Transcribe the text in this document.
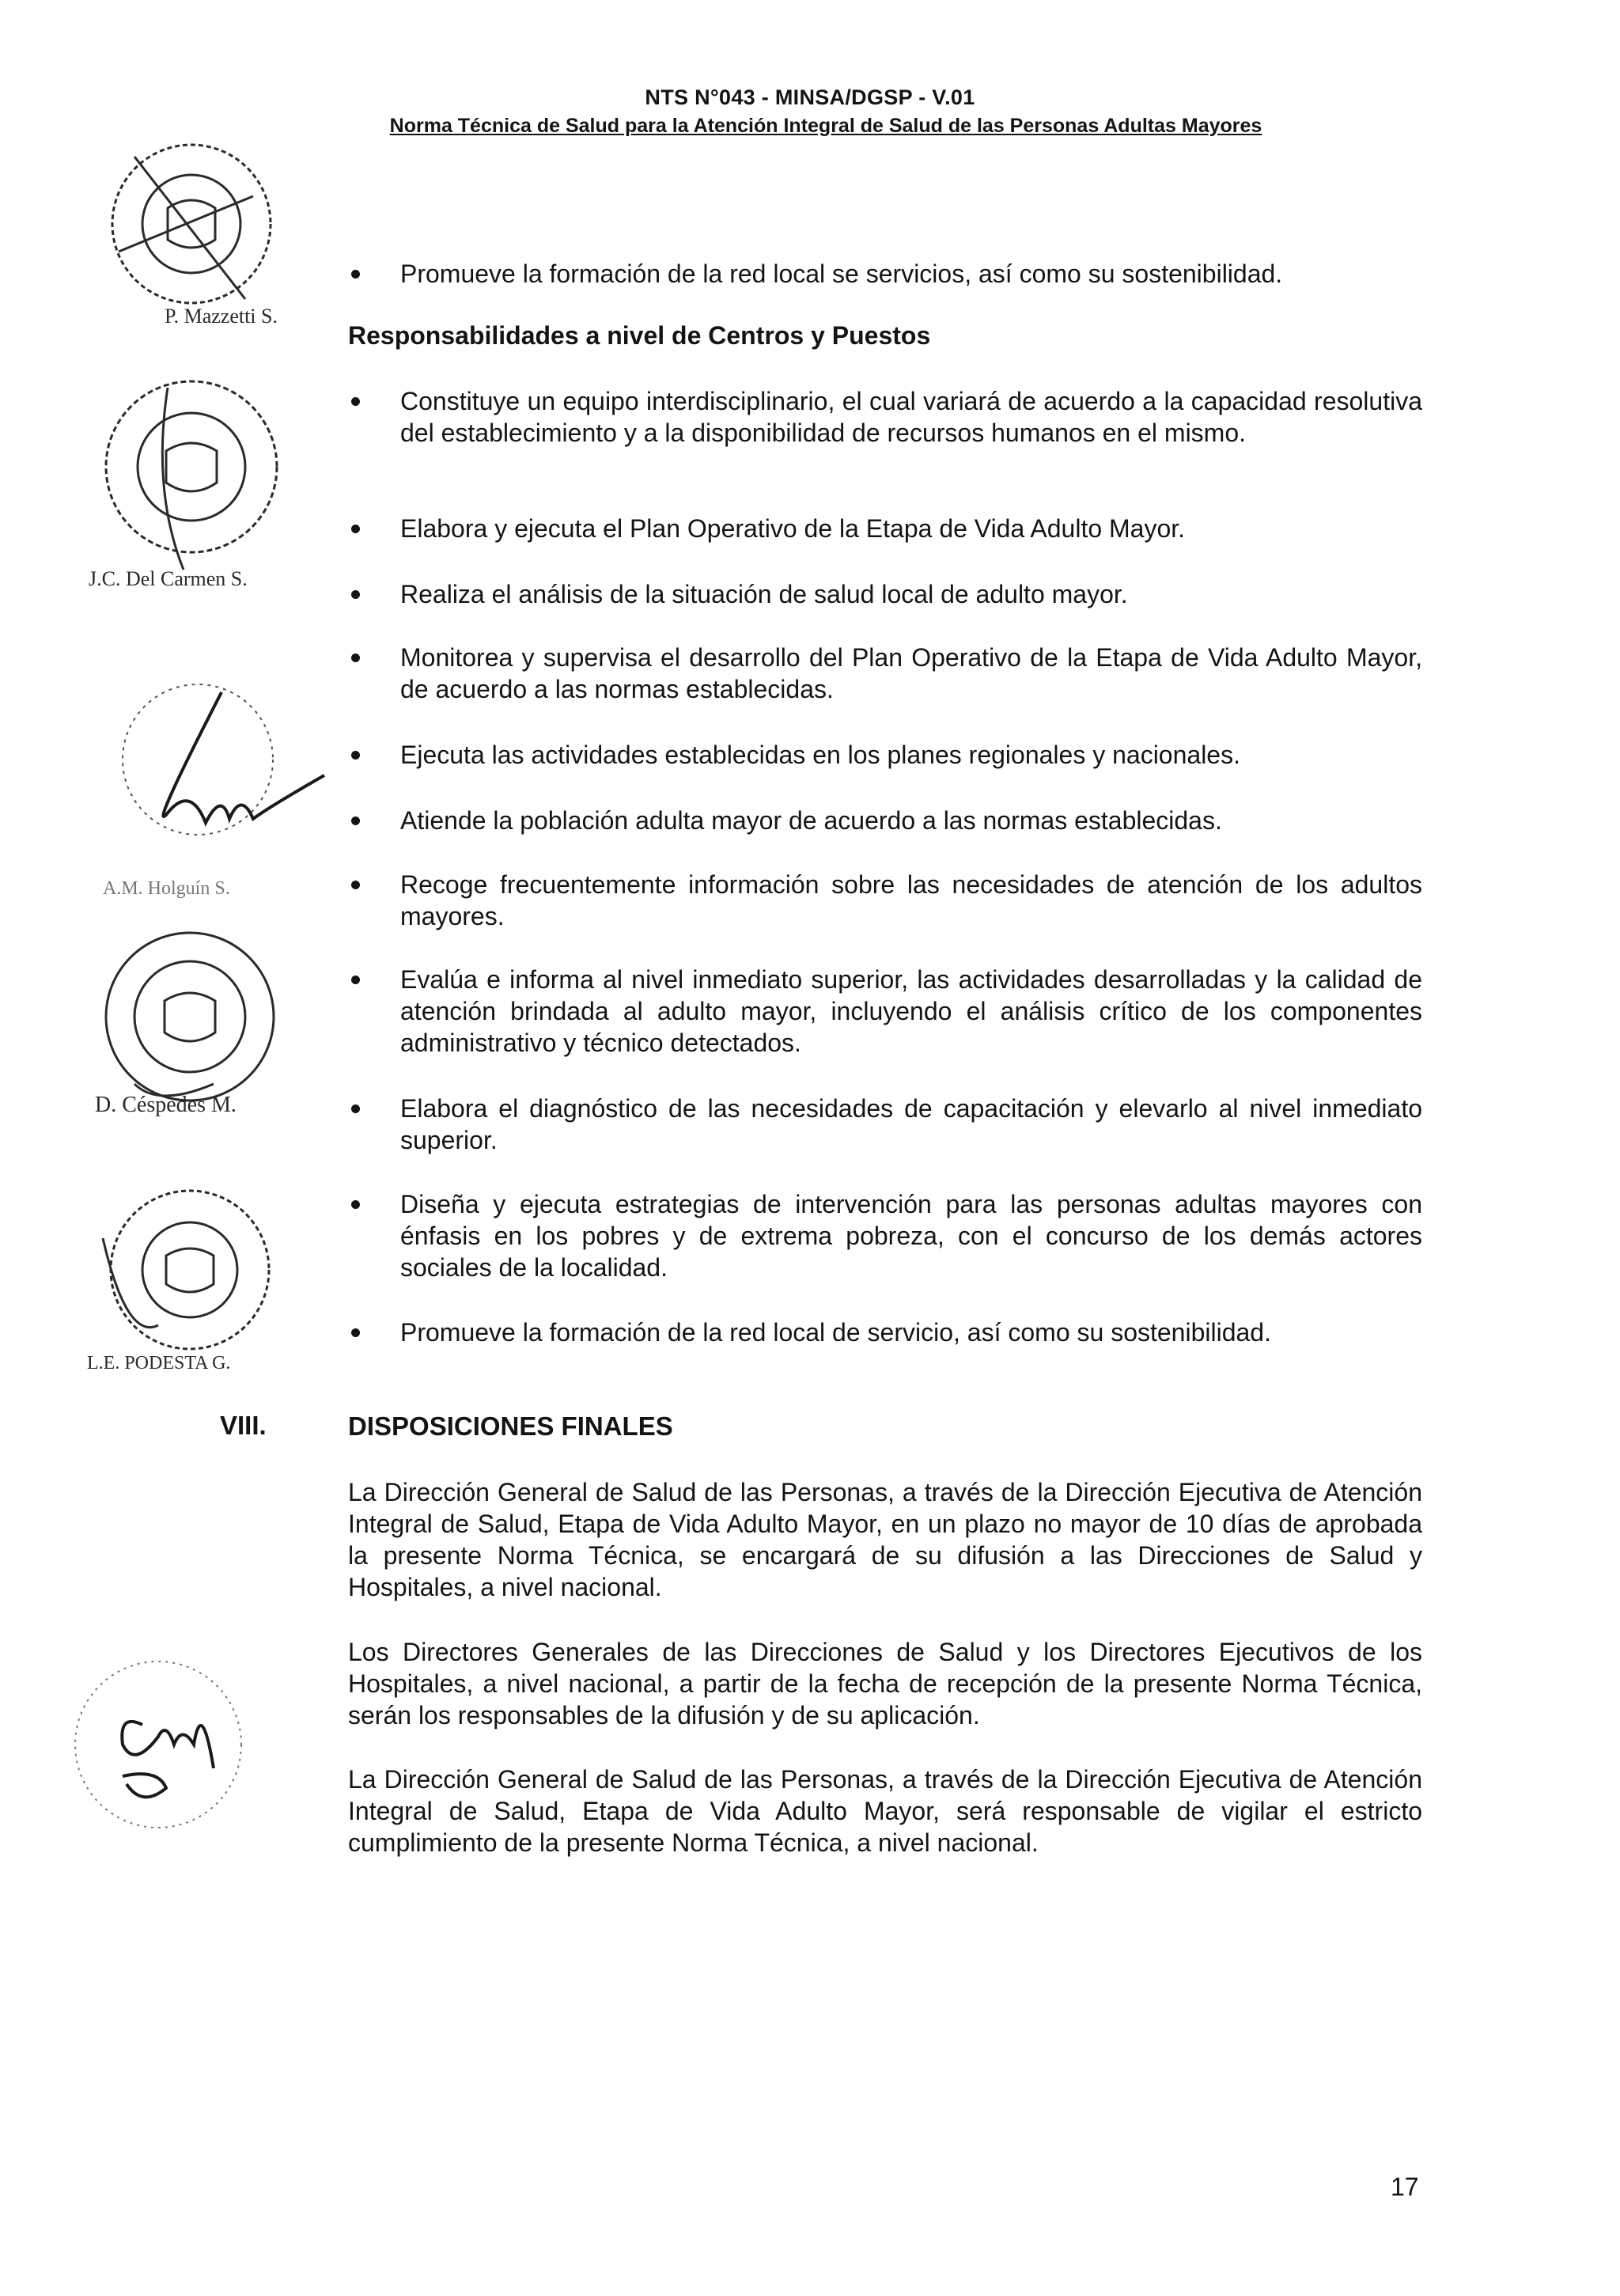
NTS N°043 - MINSA/DGSP - V.01
Norma Técnica de Salud para la Atención Integral de Salud de las Personas Adultas Mayores
P. Mazzetti S.
J.C. Del Carmen S.
A.M. Holguín S.
D. Céspedes M.
L.E. PODESTA G.
Promueve la formación de la red local se servicios, así como su sostenibilidad.

Responsabilidades a nivel de Centros y Puestos

Constituye un equipo interdisciplinario, el cual variará de acuerdo a la capacidad resolutiva del establecimiento y a la disponibilidad de recursos humanos en el mismo.
Elabora y ejecuta el Plan Operativo de la Etapa de Vida Adulto Mayor.
Realiza el análisis de la situación de salud local de adulto mayor.
Monitorea y supervisa el desarrollo del Plan Operativo de la Etapa de Vida Adulto Mayor, de acuerdo a las normas establecidas.
Ejecuta las actividades establecidas en los planes regionales y nacionales.
Atiende la población adulta mayor de acuerdo a las normas establecidas.
Recoge frecuentemente información sobre las necesidades de atención de los adultos mayores.
Evalúa e informa al nivel inmediato superior, las actividades desarrolladas y la calidad de atención brindada al adulto mayor, incluyendo el análisis crítico de los componentes administrativo y técnico detectados.
Elabora el diagnóstico de las necesidades de capacitación y elevarlo al nivel inmediato superior.
Diseña y ejecuta estrategias de intervención para las personas adultas mayores con énfasis en los pobres y de extrema pobreza, con el concurso de los demás actores sociales de la localidad.
Promueve la formación de la red local de servicio, así como su sostenibilidad.
VIII.	DISPOSICIONES FINALES

La Dirección General de Salud de las Personas, a través de la Dirección Ejecutiva de Atención Integral de Salud, Etapa de Vida Adulto Mayor, en un plazo no mayor de 10 días de aprobada la presente Norma Técnica, se encargará de su difusión a las Direcciones de Salud y Hospitales, a nivel nacional.

Los Directores Generales de las Direcciones de Salud y los Directores Ejecutivos de los Hospitales, a nivel nacional, a partir de la fecha de recepción de la presente Norma Técnica, serán los responsables de la difusión y de su aplicación.

La Dirección General de Salud de las Personas, a través de la Dirección Ejecutiva de Atención Integral de Salud, Etapa de Vida Adulto Mayor, será responsable de vigilar el estricto cumplimiento de la presente Norma Técnica, a nivel nacional.

17
